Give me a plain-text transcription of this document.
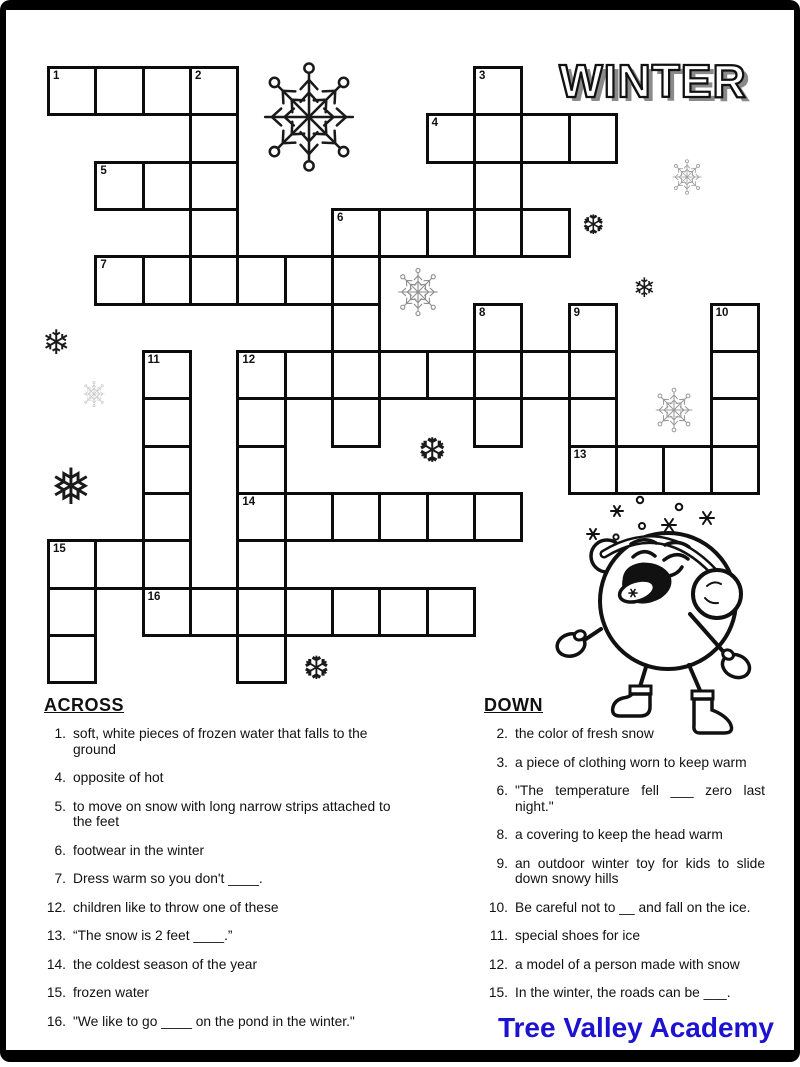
WINTER
1	2
4
5
6
7
12
13
14
15
16
3
8	9	10
11
❆
❄
❄
❅
❆
❆
ACROSS
1. soft, white pieces of frozen water that falls to the ground
4. opposite of hot
5. to move on snow with long narrow strips attached to the feet
6. footwear in the winter
7. Dress warm so you don't ____.
12. children like to throw one of these
13. “The snow is 2 feet ____.”
14. the coldest season of the year
15. frozen water
16. "We like to go ____ on the pond in the winter."
DOWN
2. the color of fresh snow
3. a piece of clothing worn to keep warm
6. "The temperature fell ___ zero last night."
8. a covering to keep the head warm
9. an outdoor winter toy for kids to slide down snowy hills
10. Be careful not to __ and fall on the ice.
11. special shoes for ice
12. a model of a person made with snow
15. In the winter, the roads can be ___.
Tree Valley Academy
